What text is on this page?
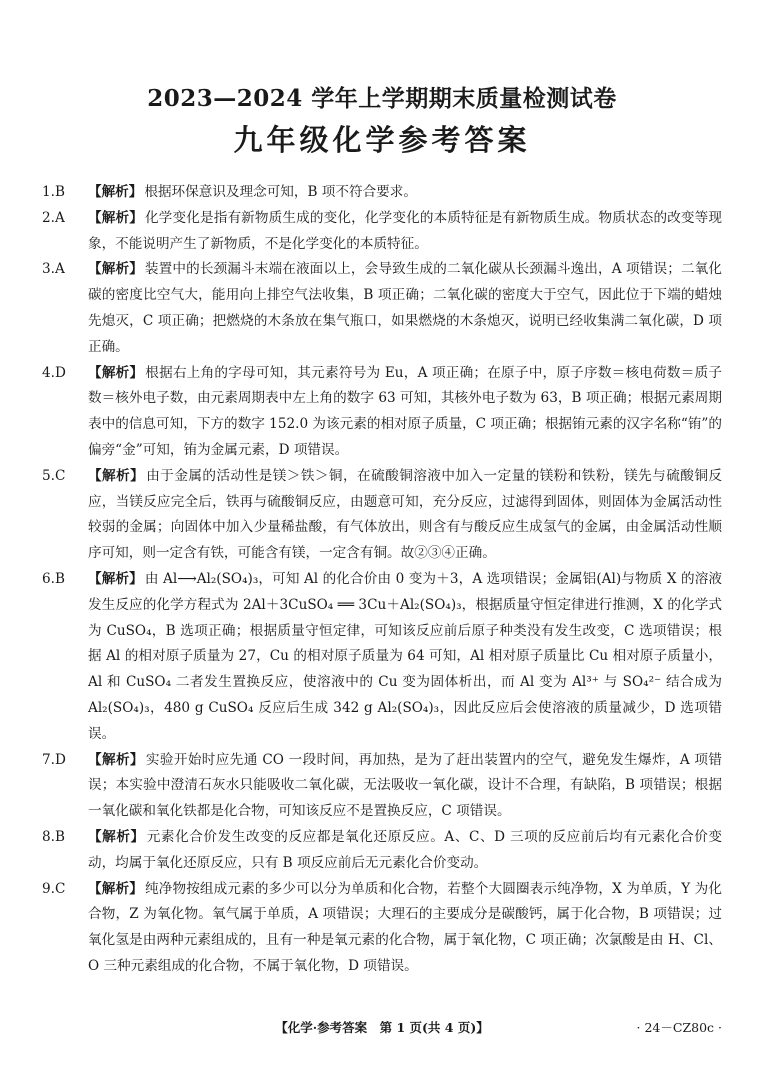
2023—2024 学年上学期期末质量检测试卷
九年级化学参考答案
1.B	【解析】 根据环保意识及理念可知，B 项不符合要求。
2.A	【解析】 化学变化是指有新物质生成的变化，化学变化的本质特征是有新物质生成。物质状态的改变等现象，不能说明产生了新物质，不是化学变化的本质特征。
3.A	【解析】 装置中的长颈漏斗末端在液面以上，会导致生成的二氧化碳从长颈漏斗逸出，A 项错误；二氧化碳的密度比空气大，能用向上排空气法收集，B 项正确；二氧化碳的密度大于空气，因此位于下端的蜡烛先熄灭，C 项正确；把燃烧的木条放在集气瓶口，如果燃烧的木条熄灭，说明已经收集满二氧化碳，D 项正确。
4.D	【解析】 根据右上角的字母可知，其元素符号为 Eu，A 项正确；在原子中，原子序数＝核电荷数＝质子数＝核外电子数，由元素周期表中左上角的数字 63 可知，其核外电子数为 63，B 项正确；根据元素周期表中的信息可知，下方的数字 152.0 为该元素的相对原子质量，C 项正确；根据铕元素的汉字名称“铕”的偏旁“金”可知，铕为金属元素，D 项错误。
5.C	【解析】 由于金属的活动性是镁＞铁＞铜，在硫酸铜溶液中加入一定量的镁粉和铁粉，镁先与硫酸铜反应，当镁反应完全后，铁再与硫酸铜反应，由题意可知，充分反应，过滤得到固体，则固体为金属活动性较弱的金属；向固体中加入少量稀盐酸，有气体放出，则含有与酸反应生成氢气的金属，由金属活动性顺序可知，则一定含有铁，可能含有镁，一定含有铜。故②③④正确。
6.B	【解析】 由 Al⟶Al₂(SO₄)₃，可知 Al 的化合价由 0 变为＋3，A 选项错误；金属铝(Al)与物质 X 的溶液发生反应的化学方程式为 2Al＋3CuSO₄ ══ 3Cu＋Al₂(SO₄)₃，根据质量守恒定律进行推测，X 的化学式为 CuSO₄，B 选项正确；根据质量守恒定律，可知该反应前后原子种类没有发生改变，C 选项错误；根据 Al 的相对原子质量为 27，Cu 的相对原子质量为 64 可知，Al 相对原子质量比 Cu 相对原子质量小，Al 和 CuSO₄ 二者发生置换反应，使溶液中的 Cu 变为固体析出，而 Al 变为 Al³⁺ 与 SO₄²⁻ 结合成为 Al₂(SO₄)₃，480 g CuSO₄ 反应后生成 342 g Al₂(SO₄)₃，因此反应后会使溶液的质量减少，D 选项错误。
7.D	【解析】 实验开始时应先通 CO 一段时间，再加热，是为了赶出装置内的空气，避免发生爆炸，A 项错误；本实验中澄清石灰水只能吸收二氧化碳，无法吸收一氧化碳，设计不合理，有缺陷，B 项错误；根据一氧化碳和氧化铁都是化合物，可知该反应不是置换反应，C 项错误。
8.B	【解析】 元素化合价发生改变的反应都是氧化还原反应。A、C、D 三项的反应前后均有元素化合价变动，均属于氧化还原反应，只有 B 项反应前后无元素化合价变动。
9.C	【解析】 纯净物按组成元素的多少可以分为单质和化合物，若整个大圆圈表示纯净物，X 为单质，Y 为化合物，Z 为氧化物。氧气属于单质，A 项错误；大理石的主要成分是碳酸钙，属于化合物，B 项错误；过氧化氢是由两种元素组成的，且有一种是氧元素的化合物，属于氧化物，C 项正确；次氯酸是由 H、Cl、O 三种元素组成的化合物，不属于氧化物，D 项错误。
【化学·参考答案　第 1 页(共 4 页)】	· 24－CZ80c ·
